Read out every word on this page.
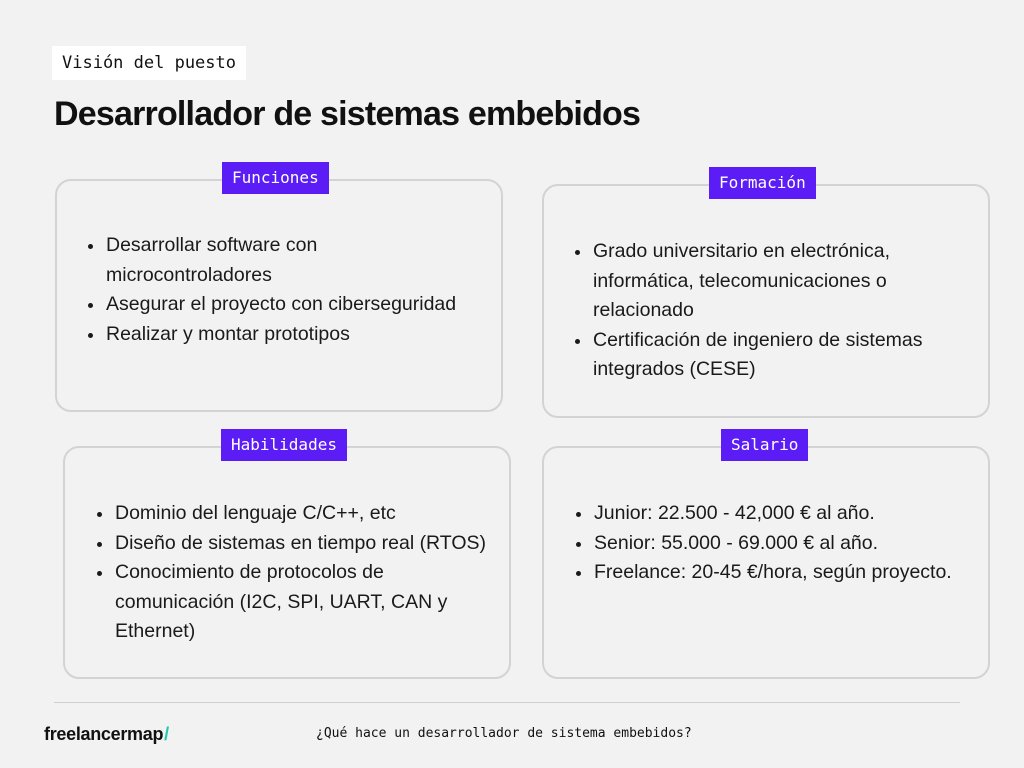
Visión del puesto
Desarrollador de sistemas embebidos
Funciones
Desarrollar software con microcontroladores
Asegurar el proyecto con ciberseguridad
Realizar y montar prototipos
Formación
Grado universitario en electrónica, informática, telecomunicaciones o relacionado
Certificación de ingeniero de sistemas integrados (CESE)
Habilidades
Dominio del lenguaje C/C++, etc
Diseño de sistemas en tiempo real (RTOS)
Conocimiento de protocolos de comunicación (I2C, SPI, UART, CAN y Ethernet)
Salario
Junior: 22.500 - 42,000 € al año.
Senior: 55.000 - 69.000 € al año.
Freelance: 20-45 €/hora, según proyecto.
freelancermap/	¿Qué hace un desarrollador de sistema embebidos?
